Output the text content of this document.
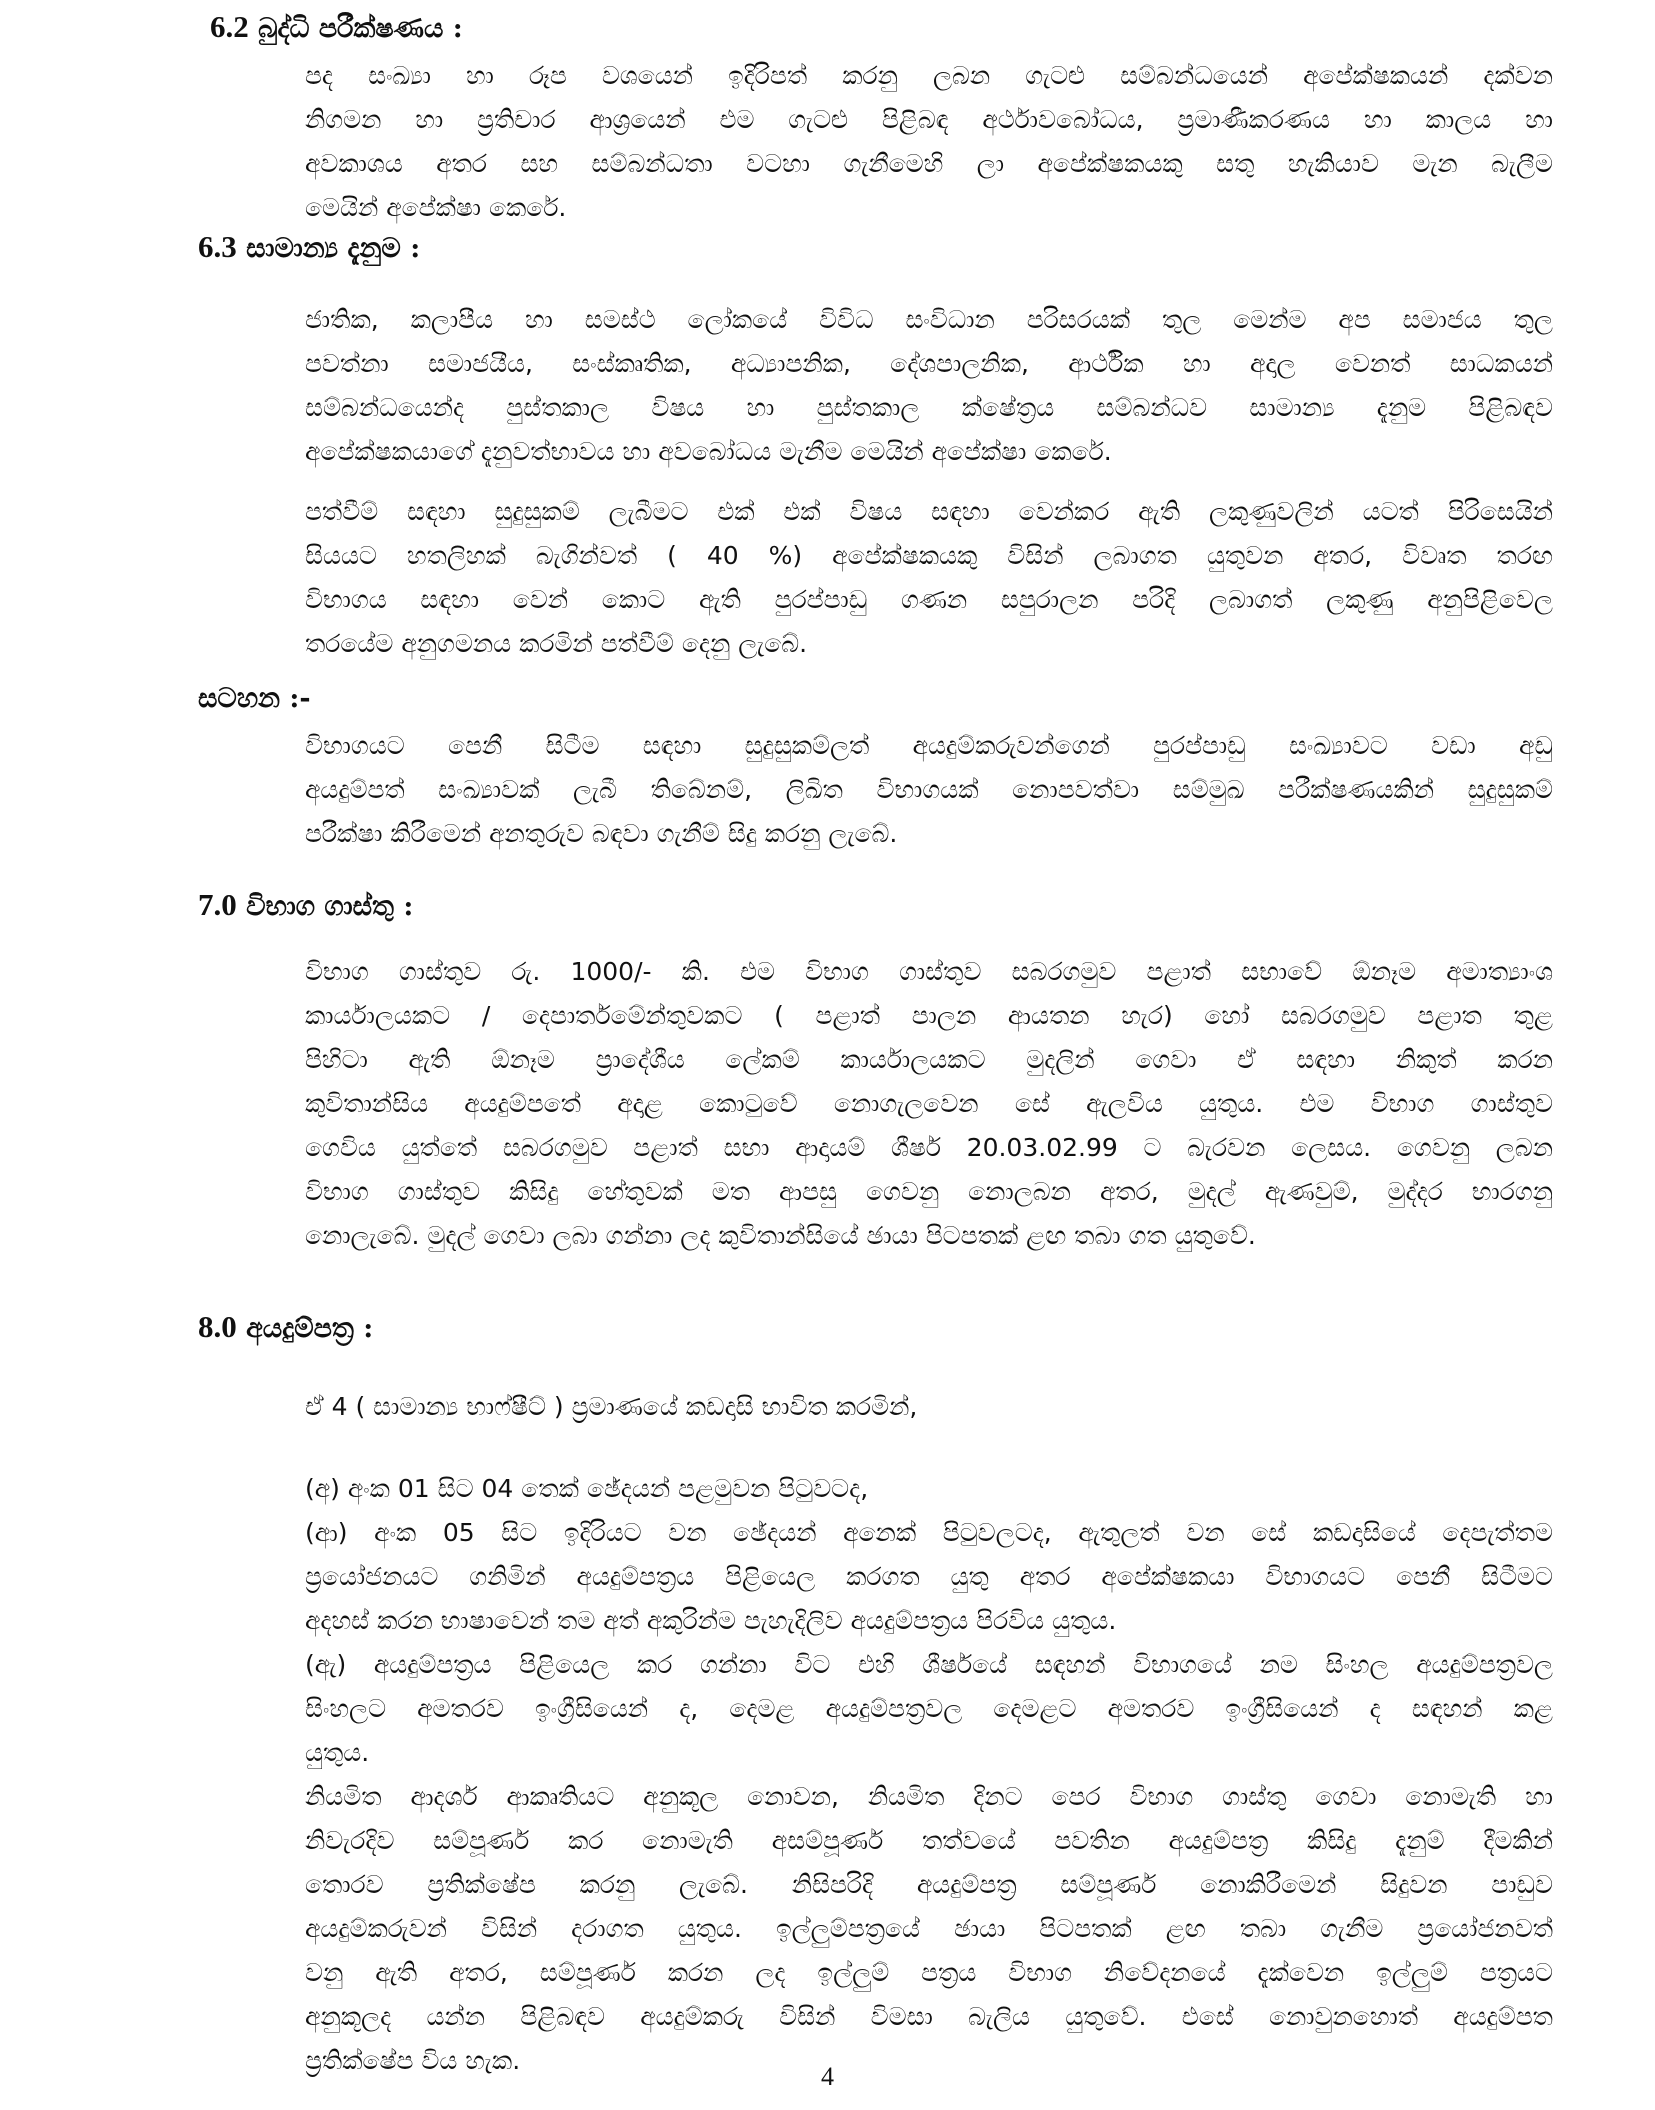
6.2 බුද්ධි පරීක්ෂණය :
පද සංඛ්‍යා හා රූප වශයෙන් ඉදිරිපත් කරනු ලබන ගැටළු සම්බන්ධයෙන් අපේක්ෂකයන් දක්වන
නිගමන හා ප්‍රතිචාර ආශ්‍රයෙන් එම ගැටළු පිළිබඳ අර්ථාවබෝධය, ප්‍රමාණීකරණය හා කාලය හා
අවකාශය අතර සහ සම්බන්ධතා වටහා ගැනීමෙහි ලා අපේක්ෂකයකු සතු හැකියාව මැන බැලීම
මෙයින් අපේක්ෂා කෙරේ.
6.3 සාමාන්‍ය දැනුම :
ජාතික, කලාපීය හා සමස්ථ ලෝකයේ විවිධ සංවිධාන පරිසරයක් තුල මෙන්ම අප සමාජය තුල
පවත්නා සමාජයීය, සංස්කෘතික, අධ්‍යාපනික, දේශපාලනික, ආර්ථික හා අදාල වෙනත් සාධකයන්
සම්බන්ධයෙන්ද පුස්තකාල විෂය හා පුස්තකාල ක්ෂේත්‍රය සම්බන්ධව සාමාන්‍ය දැනුම පිළිබඳව
අපේක්ෂකයාගේ දැනුවත්භාවය හා අවබෝධය මැනීම මෙයින් අපේක්ෂා කෙරේ.
පත්වීම් සඳහා සුදුසුකම් ලැබීමට එක් එක් විෂය සඳහා වෙන්කර ඇති ලකුණුවලින් යටත් පිරිසෙයින්
සියයට හතලිහක් බැගින්වත් ( 40 %) අපේක්ෂකයකු විසින් ලබාගත යුතුවන අතර, විවෘත තරඟ
විභාගය සඳහා වෙන් කොට ඇති පුරප්පාඩු ගණන සපුරාලන පරිදි ලබාගත් ලකුණු අනුපිළිවෙල
තරයේම අනුගමනය කරමින් පත්වීම් දෙනු ලැබේ.
සටහන :-
විභාගයට පෙනී සිටීම සඳහා සුදුසුකම්ලත් අයදුම්කරුවන්ගෙන් පුරප්පාඩු සංඛ්‍යාවට වඩා අඩු
අයදුම්පත් සංඛ්‍යාවක් ලැබී තිබේනම්, ලිඛිත විභාගයක් නොපවත්වා සම්මුඛ පරීක්ෂණයකින් සුදුසුකම්
පරීක්ෂා කිරීමෙන් අනතුරුව බඳවා ගැනීම් සිදු කරනු ලැබේ.
7.0 විභාග ගාස්තු :
විභාග ගාස්තුව රු. 1000/- කි. එම විභාග ගාස්තුව සබරගමුව පළාත් සභාවේ ඕනෑම අමාත්‍යාංශ
කාර්යාලයකට / දෙපාර්තමේන්තුවකට ( පළාත් පාලන ආයතන හැර) හෝ සබරගමුව පළාත තුළ
පිහිටා ඇති ඕනෑම ප්‍රාදේශීය ලේකම් කාර්යාලයකට මුදලින් ගෙවා ඒ සඳහා නිකුත් කරන
කුවිතාන්සිය අයදුම්පතේ අදාළ කොටුවේ නොගැලවෙන සේ ඇලවිය යුතුය. එම විභාග ගාස්තුව
ගෙවිය යුත්තේ සබරගමුව පළාත් සභා ආදායම් ශීර්ෂ 20.03.02.99 ට බැරවන ලෙසය. ගෙවනු ලබන
විභාග ගාස්තුව කිසිදු හේතුවක් මත ආපසු ගෙවනු නොලබන අතර, මුදල් ඇණවුම්, මුද්දර භාරගනු
නොලැබේ. මුදල් ගෙවා ලබා ගන්නා ලද කුවිතාන්සියේ ඡායා පිටපතක් ළඟ තබා ගත යුතුවේ.
8.0 අයදුම්පත්‍ර :
ඒ 4 ( සාමාන්‍ය භාෆ්ෂීට් ) ප්‍රමාණයේ කඩදාසි භාවිත කරමින්,
(අ) අංක 01 සිට 04 තෙක් ඡේදයන් පළමුවන පිටුවටද,
(ආ) අංක 05 සිට ඉදිරියට වන ඡේදයන් අනෙක් පිටුවලටද, ඇතුලත් වන සේ කඩදාසියේ දෙපැත්තම
ප්‍රයෝජනයට ගනිමින් අයදුම්පත්‍රය පිළියෙල කරගත යුතු අතර අපේක්ෂකයා විභාගයට පෙනී සිටීමට
අදහස් කරන භාෂාවෙන් තම අත් අකුරින්ම පැහැදිලිව අයදුම්පත්‍රය පිරවිය යුතුය.
(ඇ) අයදුම්පත්‍රය පිළියෙල කර ගන්නා විට එහි ශීර්ෂයේ සඳහන් විභාගයේ නම සිංහල අයදුම්පත්‍රවල
සිංහලට අමතරව ඉංග්‍රීසියෙන් ද, දෙමළ අයදුම්පත්‍රවල දෙමළට අමතරව ඉංග්‍රීසියෙන් ද සඳහන් කළ
යුතුය.
නියමිත ආදර්ශ ආකෘතියට අනුකූල නොවන, නියමිත දිනට පෙර විභාග ගාස්තු ගෙවා නොමැති හා
නිවැරදිව සම්පූර්ණ කර නොමැති අසම්පූර්ණ තත්වයේ පවතින අයදුම්පත්‍ර කිසිදු දැනුම් දීමකින්
තොරව ප්‍රතික්ෂේප කරනු ලැබේ. නිසිපරිදි අයදුම්පත්‍ර සම්පූර්ණ නොකිරීමෙන් සිදුවන පාඩුව
අයදුම්කරුවන් විසින් දරාගත යුතුය. ඉල්ලුම්පත්‍රයේ ඡායා පිටපතක් ළඟ තබා ගැනීම ප්‍රයෝජනවත්
වනු ඇති අතර, සම්පූර්ණ කරන ලද ඉල්ලුම් පත්‍රය විභාග නිවේදනයේ දැක්වෙන ඉල්ලුම් පත්‍රයට
අනුකූලද යන්න පිළිබඳව අයදුම්කරු විසින් විමසා බැලිය යුතුවේ. එසේ නොවුනහොත් අයදුම්පත
ප්‍රතික්ෂේප විය හැක.
4
